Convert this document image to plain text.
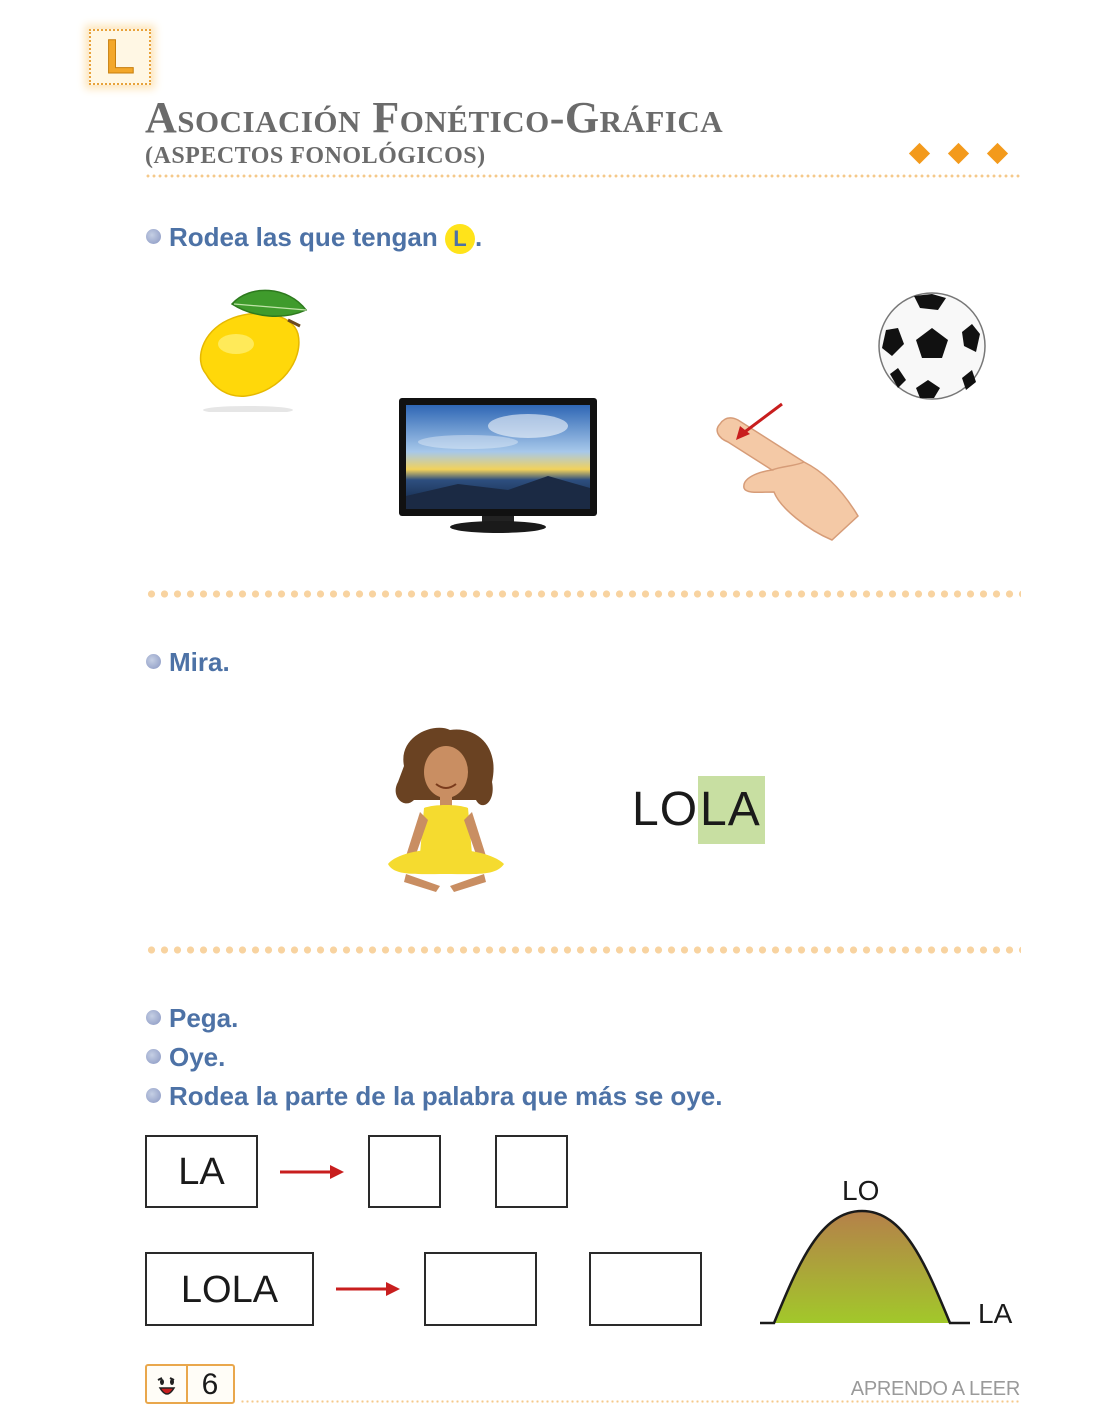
L
Asociación Fonético-Gráfica
(ASPECTOS FONOLÓGICOS)
Rodea las que tengan L .
Mira.
LOLA
Pega.
Oye.
Rodea la parte de la palabra que más se oye.
LA
LOLA
LO
LA
6	APRENDO A LEER
